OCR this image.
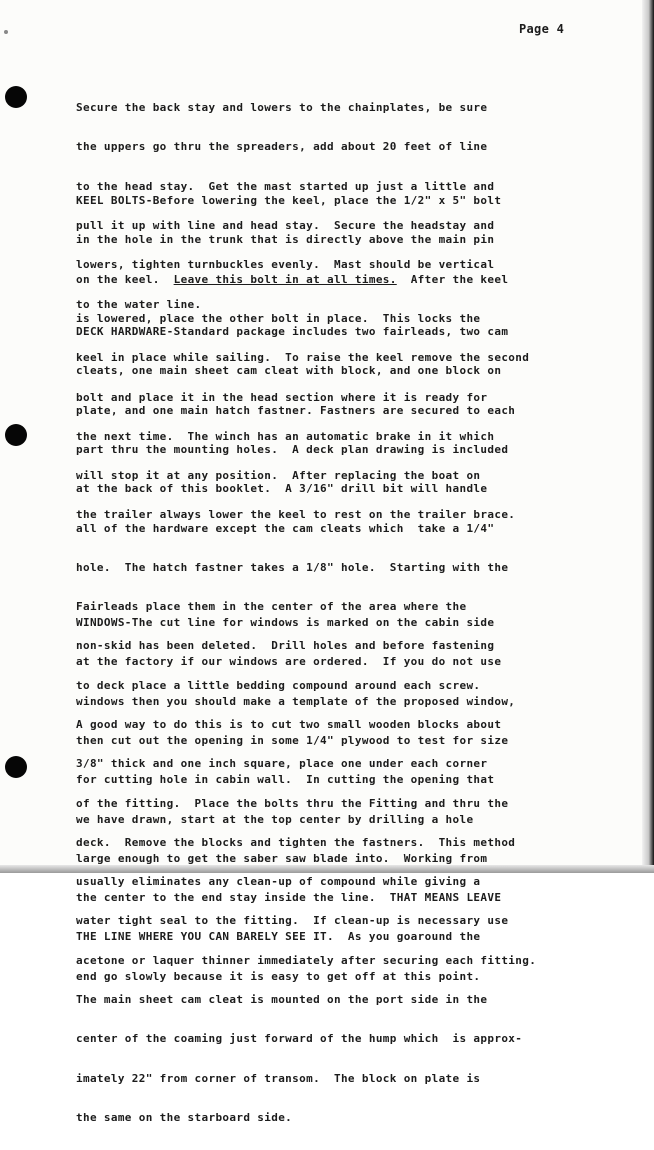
Page 4

Secure the back stay and lowers to the chainplates, be sure

the uppers go thru the spreaders, add about 20 feet of line

to the head stay.  Get the mast started up just a little and

pull it up with line and head stay.  Secure the headstay and

lowers, tighten turnbuckles evenly.  Mast should be vertical

to the water line.

KEEL BOLTS-Before lowering the keel, place the 1/2" x 5" bolt

in the hole in the trunk that is directly above the main pin

on the keel.  Leave this bolt in at all times.  After the keel

is lowered, place the other bolt in place.  This locks the

keel in place while sailing.  To raise the keel remove the second

bolt and place it in the head section where it is ready for

the next time.  The winch has an automatic brake in it which

will stop it at any position.  After replacing the boat on

the trailer always lower the keel to rest on the trailer brace.

DECK HARDWARE-Standard package includes two fairleads, two cam

cleats, one main sheet cam cleat with block, and one block on

plate, and one main hatch fastner. Fastners are secured to each

part thru the mounting holes.  A deck plan drawing is included

at the back of this booklet.  A 3/16" drill bit will handle

all of the hardware except the cam cleats which  take a 1/4"

hole.  The hatch fastner takes a 1/8" hole.  Starting with the

Fairleads place them in the center of the area where the

non-skid has been deleted.  Drill holes and before fastening

to deck place a little bedding compound around each screw.

A good way to do this is to cut two small wooden blocks about

3/8" thick and one inch square, place one under each corner

of the fitting.  Place the bolts thru the Fitting and thru the

deck.  Remove the blocks and tighten the fastners.  This method

usually eliminates any clean-up of compound while giving a

water tight seal to the fitting.  If clean-up is necessary use

acetone or laquer thinner immediately after securing each fitting.

The main sheet cam cleat is mounted on the port side in the

center of the coaming just forward of the hump which  is approx-

imately 22" from corner of transom.  The block on plate is

the same on the starboard side.

WINDOWS-The cut line for windows is marked on the cabin side

at the factory if our windows are ordered.  If you do not use

windows then you should make a template of the proposed window,

then cut out the opening in some 1/4" plywood to test for size

for cutting hole in cabin wall.  In cutting the opening that

we have drawn, start at the top center by drilling a hole

large enough to get the saber saw blade into.  Working from

the center to the end stay inside the line.  THAT MEANS LEAVE

THE LINE WHERE YOU CAN BARELY SEE IT.  As you goaround the

end go slowly because it is easy to get off at this point.
